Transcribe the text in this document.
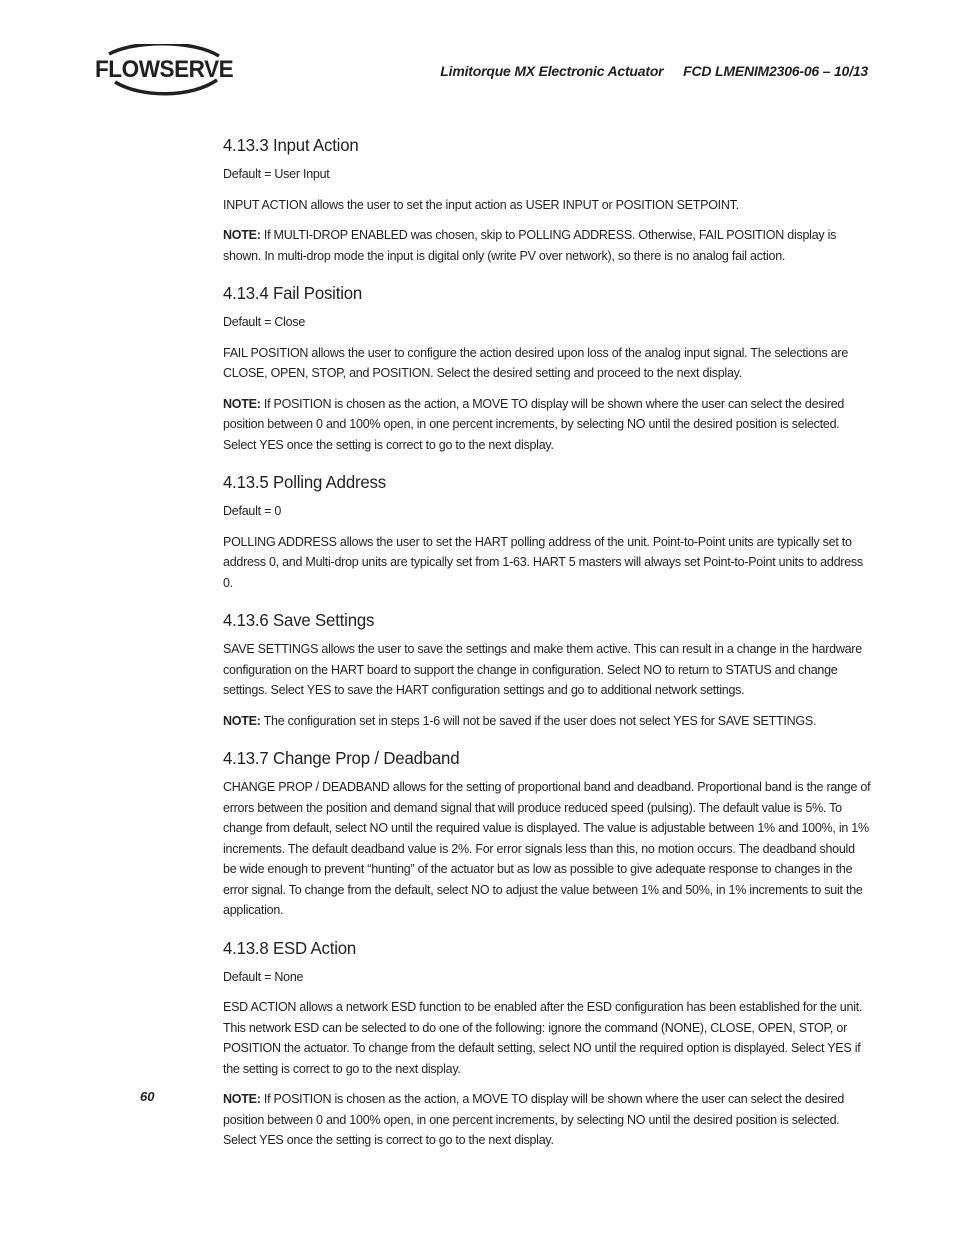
FLOWSERVE	Limitorque MX Electronic Actuator FCD LMENIM2306-06 – 10/13
4.13.3 Input Action

Default = User Input

INPUT ACTION allows the user to set the input action as USER INPUT or POSITION SETPOINT.

NOTE: If MULTI-DROP ENABLED was chosen, skip to POLLING ADDRESS. Otherwise, FAIL POSITION display is shown. In multi-drop mode the input is digital only (write PV over network), so there is no analog fail action.

4.13.4 Fail Position

Default = Close

FAIL POSITION allows the user to configure the action desired upon loss of the analog input signal. The selections are CLOSE, OPEN, STOP, and POSITION. Select the desired setting and proceed to the next display.

NOTE: If POSITION is chosen as the action, a MOVE TO display will be shown where the user can select the desired position between 0 and 100% open, in one percent increments, by selecting NO until the desired position is selected. Select YES once the setting is correct to go to the next display.

4.13.5 Polling Address

Default = 0

POLLING ADDRESS allows the user to set the HART polling address of the unit. Point-to-Point units are typically set to address 0, and Multi-drop units are typically set from 1-63. HART 5 masters will always set Point-to-Point units to address 0.

4.13.6 Save Settings

SAVE SETTINGS allows the user to save the settings and make them active. This can result in a change in the hardware configuration on the HART board to support the change in configuration. Select NO to return to STATUS and change settings. Select YES to save the HART configuration settings and go to additional network settings.

NOTE: The configuration set in steps 1-6 will not be saved if the user does not select YES for SAVE SETTINGS.

4.13.7 Change Prop / Deadband

CHANGE PROP / DEADBAND allows for the setting of proportional band and deadband. Proportional band is the range of errors between the position and demand signal that will produce reduced speed (pulsing). The default value is 5%. To change from default, select NO until the required value is displayed. The value is adjustable between 1% and 100%, in 1% increments. The default deadband value is 2%. For error signals less than this, no motion occurs. The deadband should be wide enough to prevent “hunting” of the actuator but as low as possible to give adequate response to changes in the error signal. To change from the default, select NO to adjust the value between 1% and 50%, in 1% increments to suit the application.

4.13.8 ESD Action

Default = None

ESD ACTION allows a network ESD function to be enabled after the ESD configuration has been established for the unit. This network ESD can be selected to do one of the following: ignore the command (NONE), CLOSE, OPEN, STOP, or POSITION the actuator. To change from the default setting, select NO until the required option is displayed. Select YES if the setting is correct to go to the next display.

NOTE: If POSITION is chosen as the action, a MOVE TO display will be shown where the user can select the desired position between 0 and 100% open, in one percent increments, by selecting NO until the desired position is selected. Select YES once the setting is correct to go to the next display.

60
